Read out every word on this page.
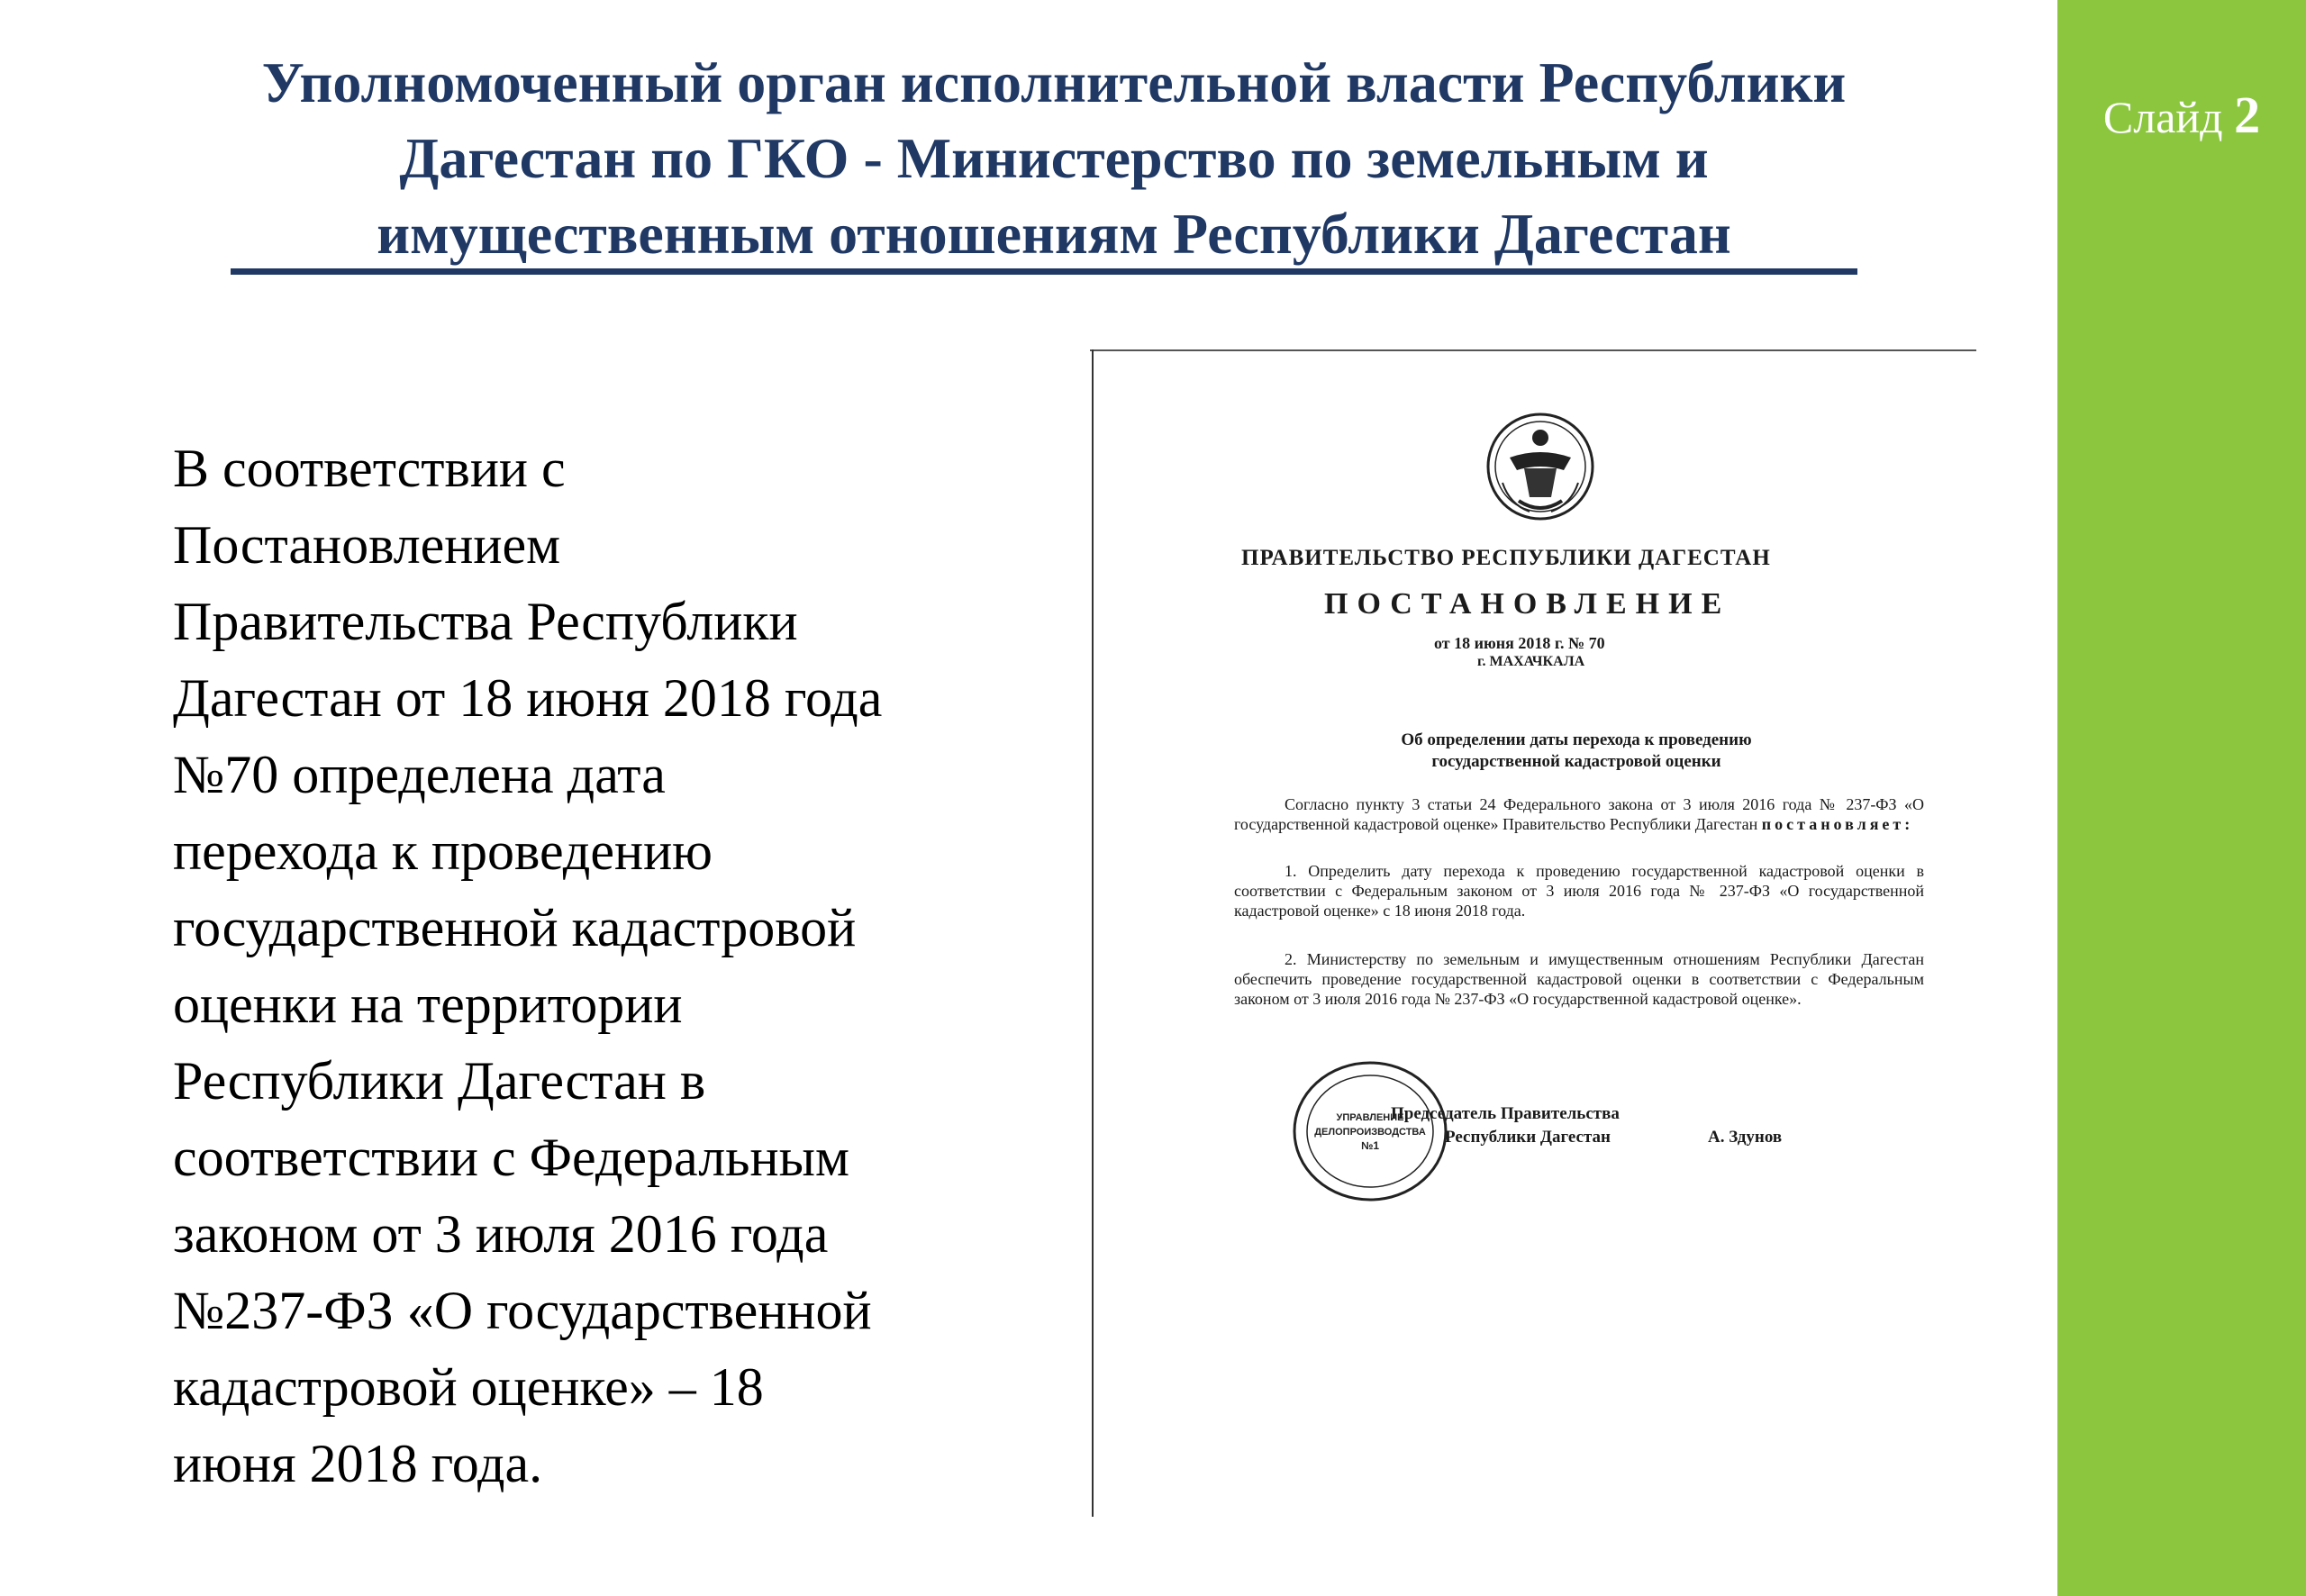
Слайд 2
Уполномоченный орган исполнительной власти Республики
Дагестан по ГКО - Министерство по земельным и
имущественным отношениям Республики Дагестан
В соответствии с
Постановлением
Правительства Республики
Дагестан от 18 июня 2018 года
№70 определена дата
перехода к проведению
государственной кадастровой
оценки на территории
Республики Дагестан в
соответствии с Федеральным
законом от 3 июля 2016 года
№237-ФЗ «О государственной
кадастровой оценке» – 18
июня 2018 года.
ПРАВИТЕЛЬСТВО РЕСПУБЛИКИ ДАГЕСТАН
ПОСТАНОВЛЕНИЕ
от 18 июня 2018 г. № 70
г. МАХАЧКАЛА
Об определении даты перехода к проведению
государственной кадастровой оценки
Согласно пункту 3 статьи 24 Федерального закона от 3 июля 2016 года № 237-ФЗ «О государственной кадастровой оценке» Правительство Республики Дагестан постановляет:
1. Определить дату перехода к проведению государственной кадастровой оценки в соответствии с Федеральным законом от 3 июля 2016 года № 237-ФЗ «О государственной кадастровой оценке» с 18 июня 2018 года.
2. Министерству по земельным и имущественным отношениям Республики Дагестан обеспечить проведение государственной кадастровой оценки в соответствии с Федеральным законом от 3 июля 2016 года № 237-ФЗ «О государственной кадастровой оценке».
УПРАВЛЕНИЕ
ДЕЛОПРОИЗВОДСТВА
№1
Председатель Правительства
Республики Дагестан	А. Здунов
